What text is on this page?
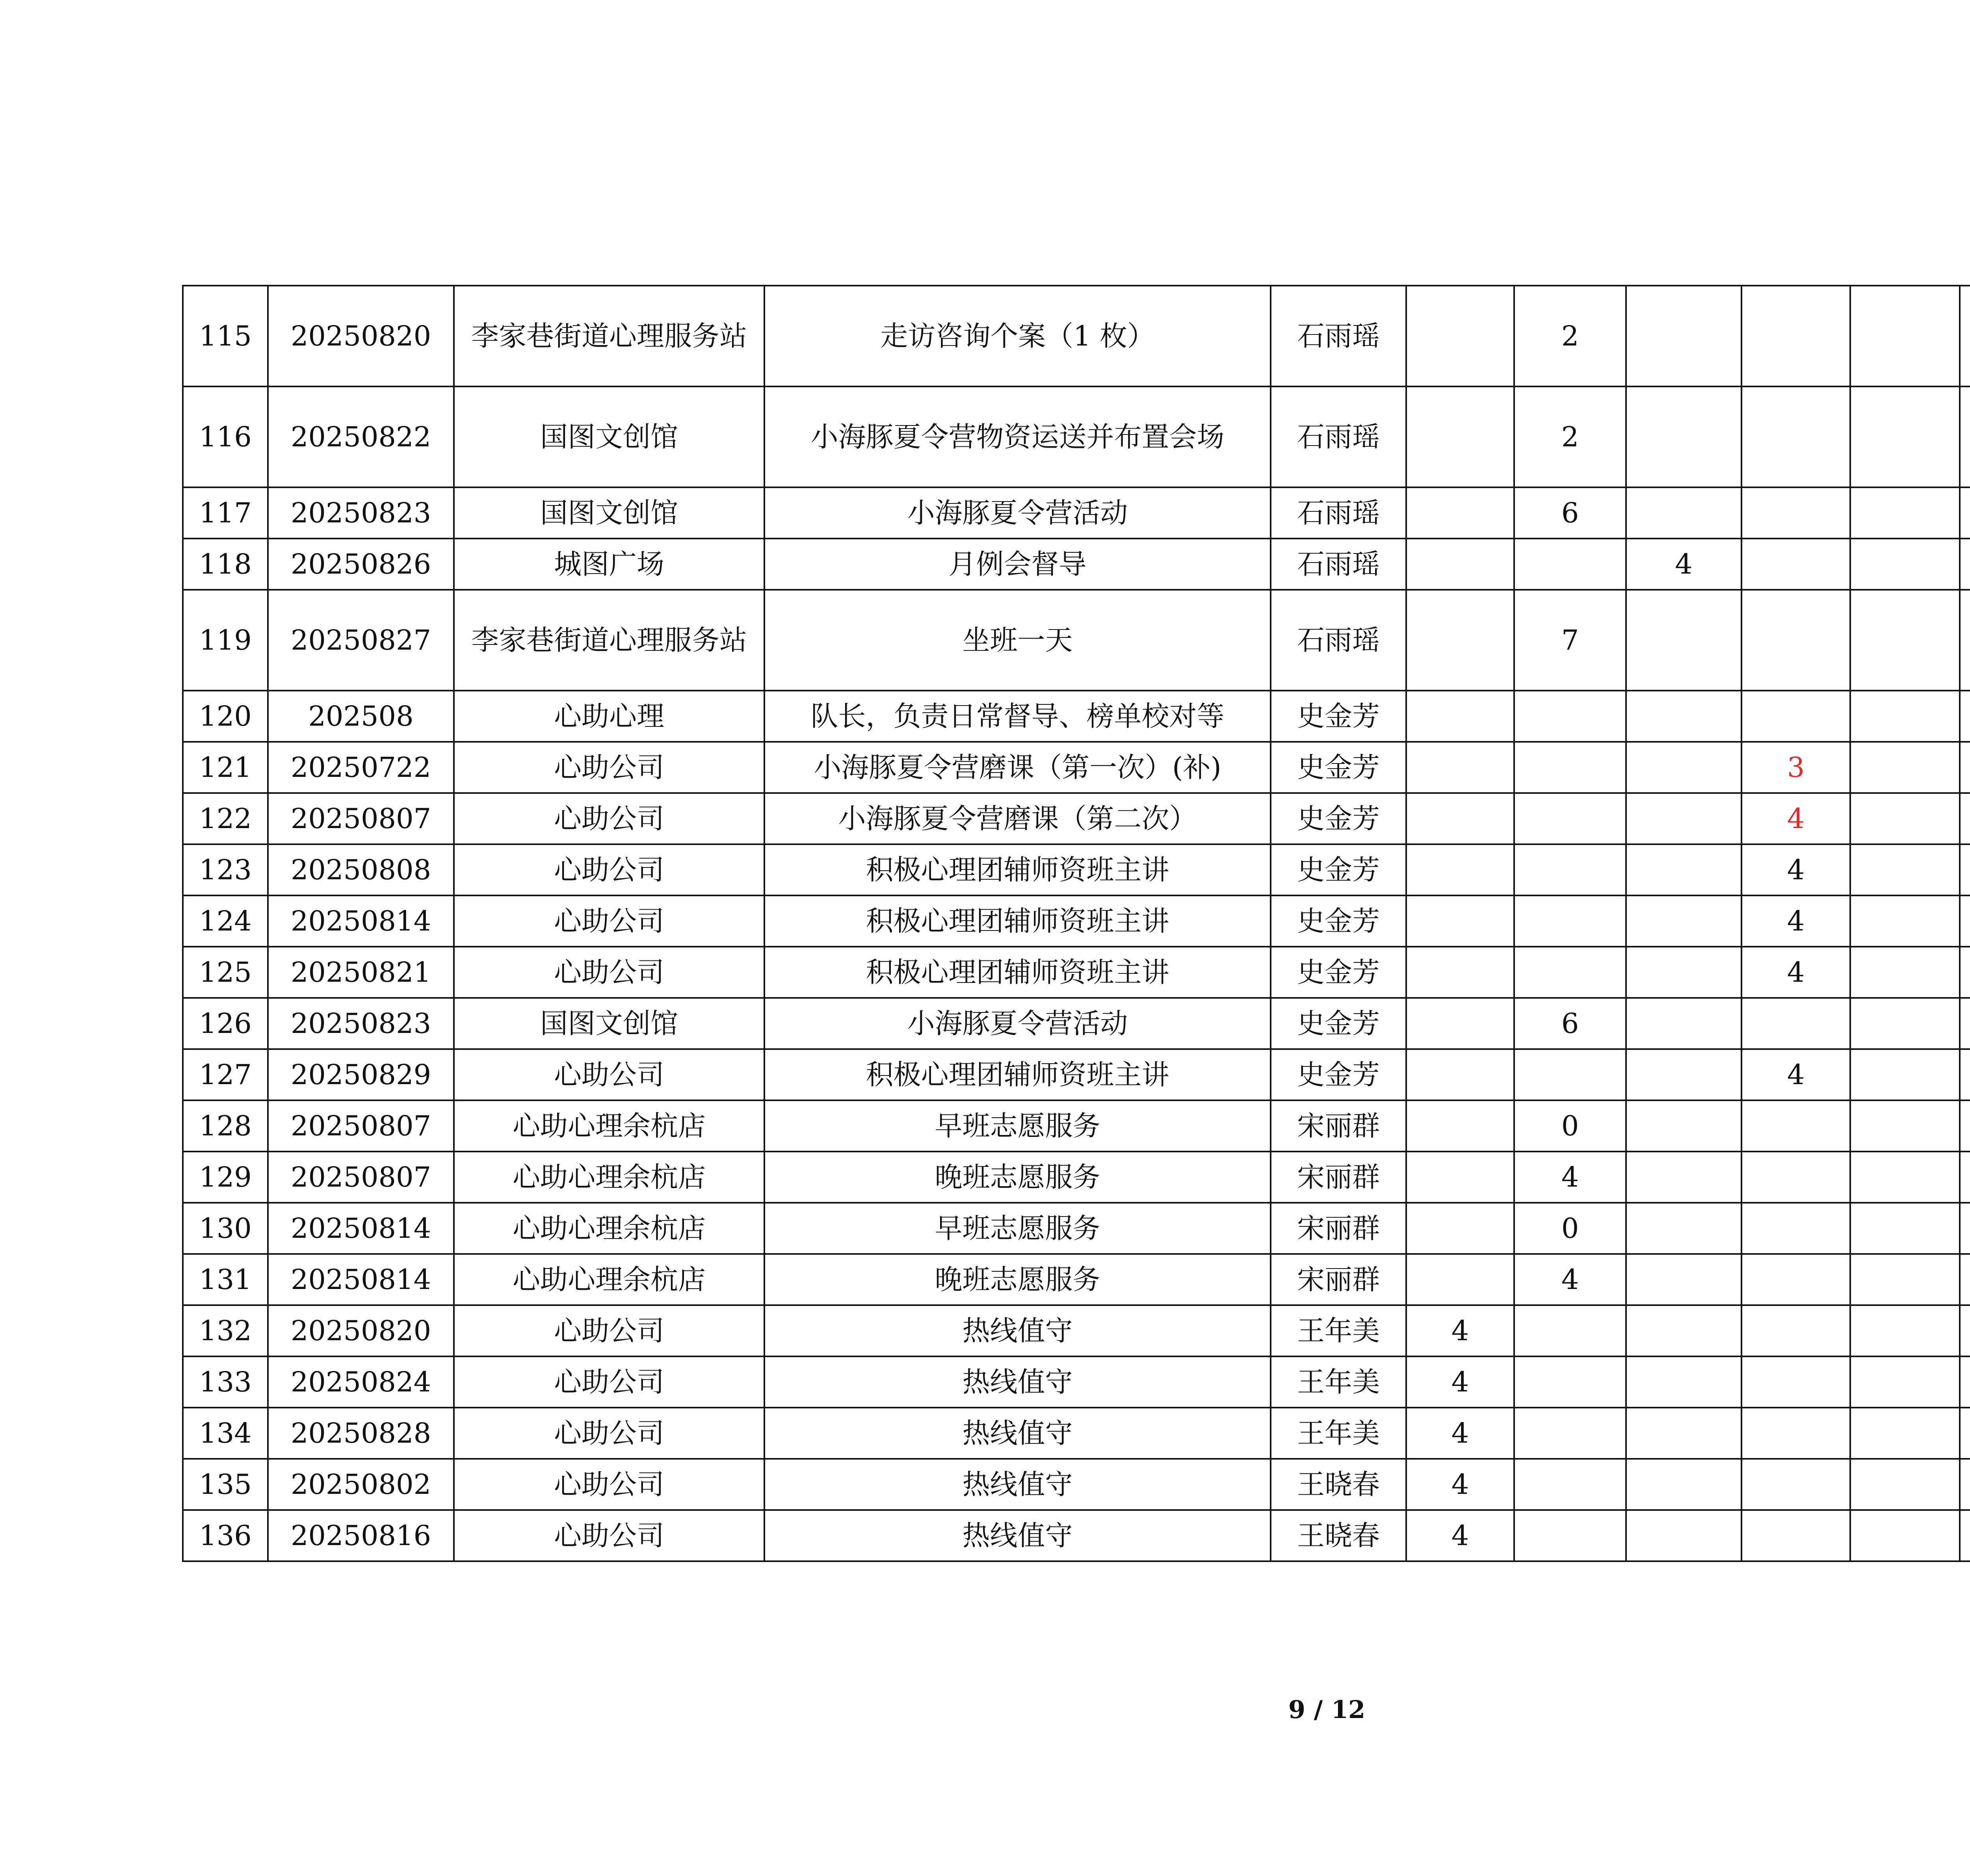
115	20250820	李家巷街道心理服务站	走访咨询个案（1 枚）	石雨瑶		2							
116	20250822	国图文创馆	小海豚夏令营物资运送并布置会场	石雨瑶		2							
117	20250823	国图文创馆	小海豚夏令营活动	石雨瑶		6							
118	20250826	城图广场	月例会督导	石雨瑶			4						
119	20250827	李家巷街道心理服务站	坐班一天	石雨瑶		7							
120	202508	心助心理	队长，负责日常督导、榜单校对等	史金芳									
121	20250722	心助公司	小海豚夏令营磨课（第一次）(补)	史金芳				3					
122	20250807	心助公司	小海豚夏令营磨课（第二次）	史金芳				4					
123	20250808	心助公司	积极心理团辅师资班主讲	史金芳				4					
124	20250814	心助公司	积极心理团辅师资班主讲	史金芳				4					
125	20250821	心助公司	积极心理团辅师资班主讲	史金芳				4					
126	20250823	国图文创馆	小海豚夏令营活动	史金芳		6							
127	20250829	心助公司	积极心理团辅师资班主讲	史金芳				4					
128	20250807	心助心理余杭店	早班志愿服务	宋丽群		0							
129	20250807	心助心理余杭店	晚班志愿服务	宋丽群		4							
130	20250814	心助心理余杭店	早班志愿服务	宋丽群		0							
131	20250814	心助心理余杭店	晚班志愿服务	宋丽群		4							
132	20250820	心助公司	热线值守	王年美	4								
133	20250824	心助公司	热线值守	王年美	4								
134	20250828	心助公司	热线值守	王年美	4								
135	20250802	心助公司	热线值守	王晓春	4								
136	20250816	心助公司	热线值守	王晓春	4								
9 / 12
